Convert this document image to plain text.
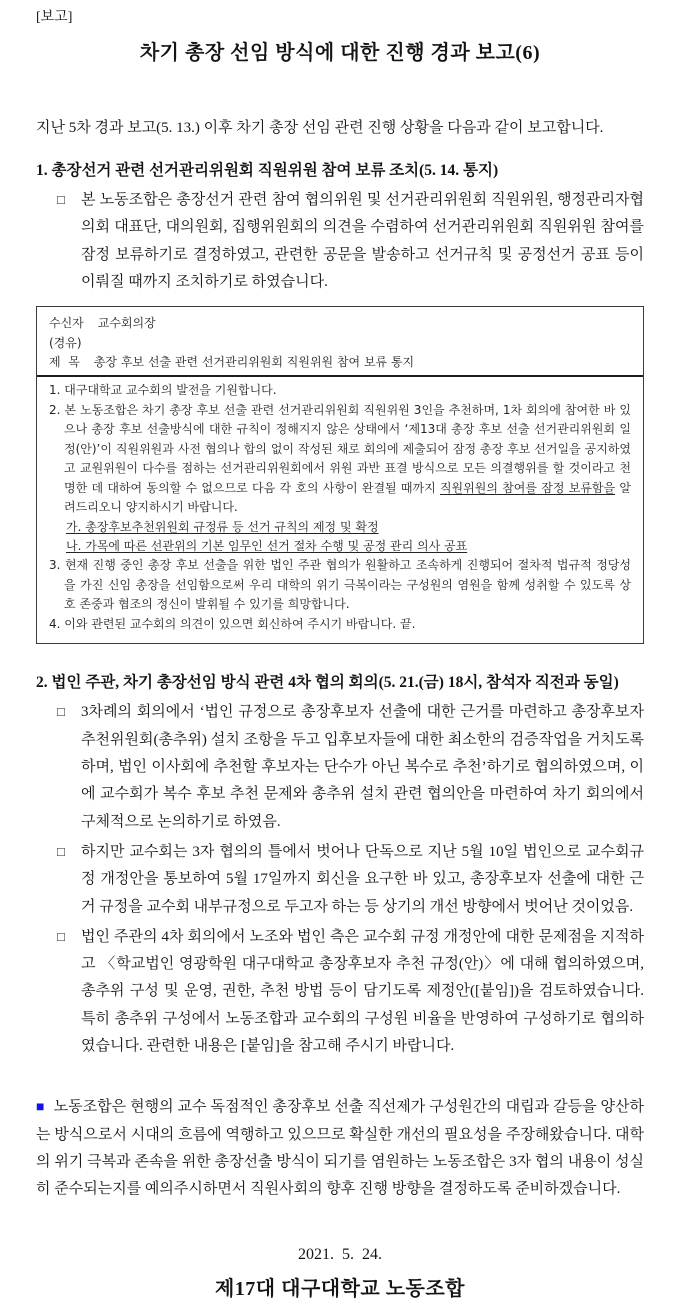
[보고]
차기 총장 선임 방식에 대한 진행 경과 보고(6)

지난 5차 경과 보고(5. 13.) 이후 차기 총장 선임 관련 진행 상황을 다음과 같이 보고합니다.

1. 총장선거 관련 선거관리위원회 직원위원 참여 보류 조치(5. 14. 통지)
□ 본 노동조합은 총장선거 관련 참여 협의위원 및 선거관리위원회 직원위원, 행정관리자협의회 대표단, 대의원회, 집행위원회의 의견을 수렴하여 선거관리위원회 직원위원 참여를 잠정 보류하기로 결정하였고, 관련한 공문을 발송하고 선거규칙 및 공정선거 공표 등이 이뤄질 때까지 조치하기로 하였습니다.
수신자 교수회의장
(경유)
제  목 총장 후보 선출 관련 선거관리위원회 직원위원 참여 보류 통지

1. 대구대학교 교수회의 발전을 기원합니다.

2. 본 노동조합은 차기 총장 후보 선출 관련 선거관리위원회 직원위원 3인을 추천하며, 1차 회의에 참여한 바 있으나 총장 후보 선출방식에 대한 규칙이 정해지지 않은 상태에서 ‘제13대 총장 후보 선출 선거관리위원회 일정(안)’이 직원위원과 사전 협의나 합의 없이 작성된 채로 회의에 제출되어 잠정 총장 후보 선거일을 공지하였고 교원위원이 다수를 점하는 선거관리위원회에서 위원 과반 표결 방식으로 모든 의결행위를 할 것이라고 천명한 데 대하여 동의할 수 없으므로 다음 각 호의 사항이 완결될 때까지 직원위원의 참여를 잠정 보류함을 알려드리오니 양지하시기 바랍니다.

가. 총장후보추천위원회 규정류 등 선거 규칙의 제정 및 확정

나. 가목에 따른 선관위의 기본 임무인 선거 절차 수행 및 공정 관리 의사 공표

3. 현재 진행 중인 총장 후보 선출을 위한 법인 주관 협의가 원활하고 조속하게 진행되어 절차적 법규적 정당성을 가진 신임 총장을 선임함으로써 우리 대학의 위기 극복이라는 구성원의 염원을 함께 성취할 수 있도록 상호 존중과 협조의 정신이 발휘될 수 있기를 희망합니다.

4. 이와 관련된 교수회의 의견이 있으면 회신하여 주시기 바랍니다. 끝.

2. 법인 주관, 차기 총장선임 방식 관련 4차 협의 회의(5. 21.(금) 18시, 참석자 직전과 동일)
□ 3차례의 회의에서 ‘법인 규정으로 총장후보자 선출에 대한 근거를 마련하고 총장후보자 추천위원회(총추위) 설치 조항을 두고 입후보자들에 대한 최소한의 검증작업을 거치도록 하며, 법인 이사회에 추천할 후보자는 단수가 아닌 복수로 추천’하기로 협의하였으며, 이에 교수회가 복수 후보 추천 문제와 총추위 설치 관련 협의안을 마련하여 차기 회의에서 구체적으로 논의하기로 하였음.
□ 하지만 교수회는 3자 협의의 틀에서 벗어나 단독으로 지난 5월 10일 법인으로 교수회규정 개정안을 통보하여 5월 17일까지 회신을 요구한 바 있고, 총장후보자 선출에 대한 근거 규정을 교수회 내부규정으로 두고자 하는 등 상기의 개선 방향에서 벗어난 것이었음.
□ 법인 주관의 4차 회의에서 노조와 법인 측은 교수회 규정 개정안에 대한 문제점을 지적하고 〈학교법인 영광학원 대구대학교 총장후보자 추천 규정(안)〉에 대해 협의하였으며, 총추위 구성 및 운영, 권한, 추천 방법 등이 담기도록 제정안([붙임])을 검토하였습니다. 특히 총추위 구성에서 노동조합과 교수회의 구성원 비율을 반영하여 구성하기로 협의하였습니다. 관련한 내용은 [붙임]을 참고해 주시기 바랍니다.

■ 노동조합은 현행의 교수 독점적인 총장후보 선출 직선제가 구성원간의 대립과 갈등을 양산하는 방식으로서 시대의 흐름에 역행하고 있으므로 확실한 개선의 필요성을 주장해왔습니다. 대학의 위기 극복과 존속을 위한 총장선출 방식이 되기를 염원하는 노동조합은 3자 협의 내용이 성실히 준수되는지를 예의주시하면서 직원사회의 향후 진행 방향을 결정하도록 준비하겠습니다.

2021.  5.  24.

제17대 대구대학교 노동조합
